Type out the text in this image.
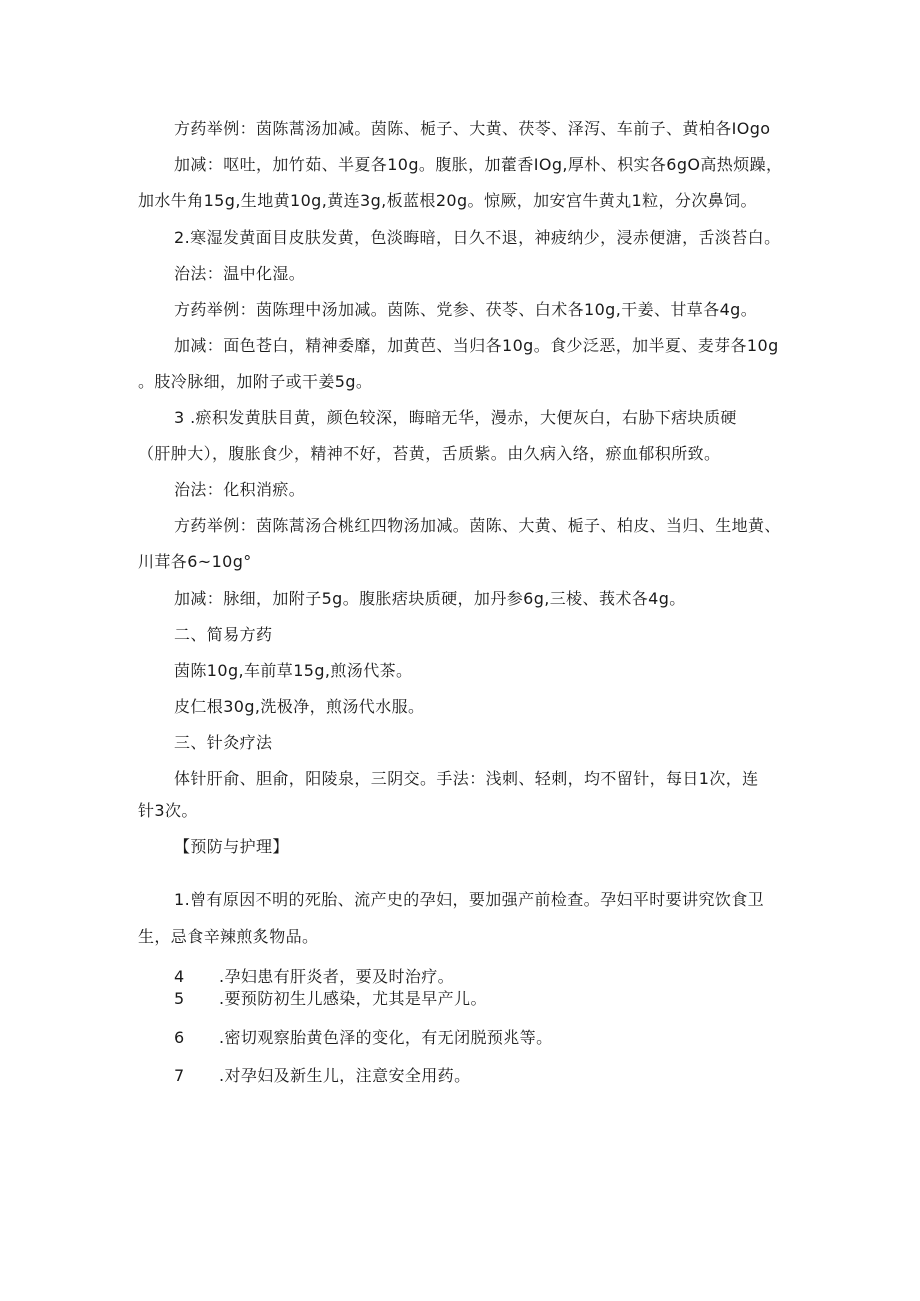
方药举例：茵陈蒿汤加减。茵陈、栀子、大黄、茯苓、泽泻、车前子、黄柏各IOgo
加减：呕吐，加竹茹、半夏各10g。腹胀，加藿香IOg,厚朴、枳实各6gO高热烦躁，
加水牛角15g,生地黄10g,黄连3g,板蓝根20g。惊厥，加安宫牛黄丸1粒，分次鼻饲。
2.寒湿发黄面目皮肤发黄，色淡晦暗，日久不退，神疲纳少，浸赤便溏，舌淡苔白。
治法：温中化湿。
方药举例：茵陈理中汤加减。茵陈、党参、茯苓、白术各10g,干姜、甘草各4g。
加减：面色苍白，精神委靡，加黄芭、当归各10g。食少泛恶，加半夏、麦芽各10g
。肢冷脉细，加附子或干姜5g。
3 .瘀积发黄肤目黄，颜色较深，晦暗无华，漫赤，大便灰白，右胁下痞块质硬
（肝肿大），腹胀食少，精神不好，苔黄，舌质紫。由久病入络，瘀血郁积所致。
治法：化积消瘀。
方药举例：茵陈蒿汤合桃红四物汤加减。茵陈、大黄、栀子、柏皮、当归、生地黄、
川茸各6~10g°
加减：脉细，加附子5g。腹胀痞块质硬，加丹参6g,三棱、莪术各4g。
二、简易方药
茵陈10g,车前草15g,煎汤代茶。
皮仁根30g,洗极净，煎汤代水服。
三、针灸疗法
体针肝俞、胆俞，阳陵泉，三阴交。手法：浅刺、轻刺，均不留针，每日1次，连
针3次。
【预防与护理】
1.曾有原因不明的死胎、流产史的孕妇，要加强产前检查。孕妇平时要讲究饮食卫
生，忌食辛辣煎炙物品。
4 .孕妇患有肝炎者，要及时治疗。
5 .要预防初生儿感染，尤其是早产儿。
6 .密切观察胎黄色泽的变化，有无闭脱预兆等。
7 .对孕妇及新生儿，注意安全用药。
